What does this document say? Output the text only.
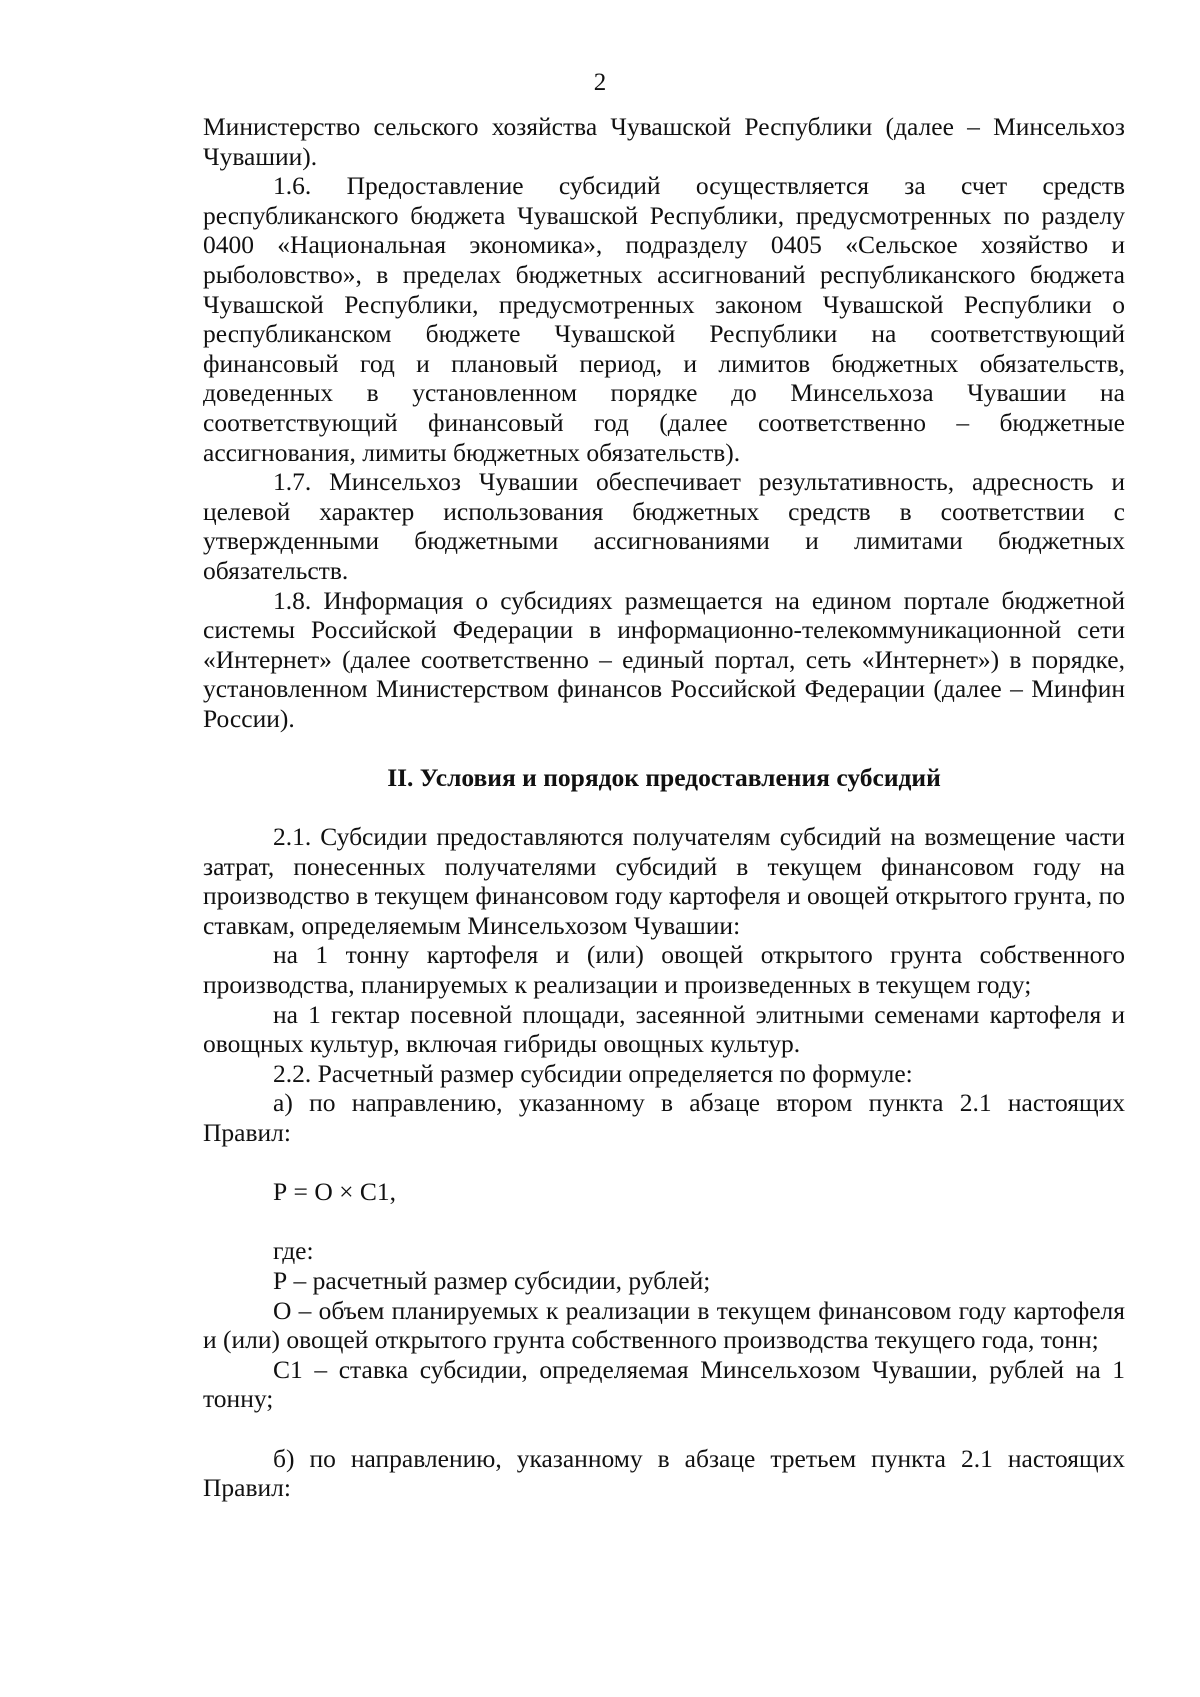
2

Министерство сельского хозяйства Чувашской Республики (далее – Минсельхоз Чувашии).

1.6. Предоставление субсидий осуществляется за счет средств республиканского бюджета Чувашской Республики, предусмотренных по разделу 0400 «Национальная экономика», подразделу 0405 «Сельское хозяйство и рыболовство», в пределах бюджетных ассигнований республиканского бюджета Чувашской Республики, предусмотренных законом Чувашской Республики о республиканском бюджете Чувашской Республики на соответствующий финансовый год и плановый период, и лимитов бюджетных обязательств, доведенных в установленном порядке до Минсельхоза Чувашии на соответствующий финансовый год (далее соответственно – бюджетные ассигнования, лимиты бюджетных обязательств).

1.7. Минсельхоз Чувашии обеспечивает результативность, адресность и целевой характер использования бюджетных средств в соответствии с утвержденными бюджетными ассигнованиями и лимитами бюджетных обязательств.

1.8. Информация о субсидиях размещается на едином портале бюджетной системы Российской Федерации в информационно-телекоммуникационной сети «Интернет» (далее соответственно – единый портал, сеть «Интернет») в порядке, установленном Министерством финансов Российской Федерации (далее – Минфин России).

II. Условия и порядок предоставления субсидий

2.1. Субсидии предоставляются получателям субсидий на возмещение части затрат, понесенных получателями субсидий в текущем финансовом году на производство в текущем финансовом году картофеля и овощей открытого грунта, по ставкам, определяемым Минсельхозом Чувашии:

на 1 тонну картофеля и (или) овощей открытого грунта собственного производства, планируемых к реализации и произведенных в текущем году;

на 1 гектар посевной площади, засеянной элитными семенами картофеля и овощных культур, включая гибриды овощных культур.

2.2. Расчетный размер субсидии определяется по формуле:

а) по направлению, указанному в абзаце втором пункта 2.1 настоящих Правил:

Р = О × С1,

где:

Р – расчетный размер субсидии, рублей;

О – объем планируемых к реализации в текущем финансовом году картофеля и (или) овощей открытого грунта собственного производства текущего года, тонн;

С1 – ставка субсидии, определяемая Минсельхозом Чувашии, рублей на 1 тонну;

б) по направлению, указанному в абзаце третьем пункта 2.1 настоящих Правил:
